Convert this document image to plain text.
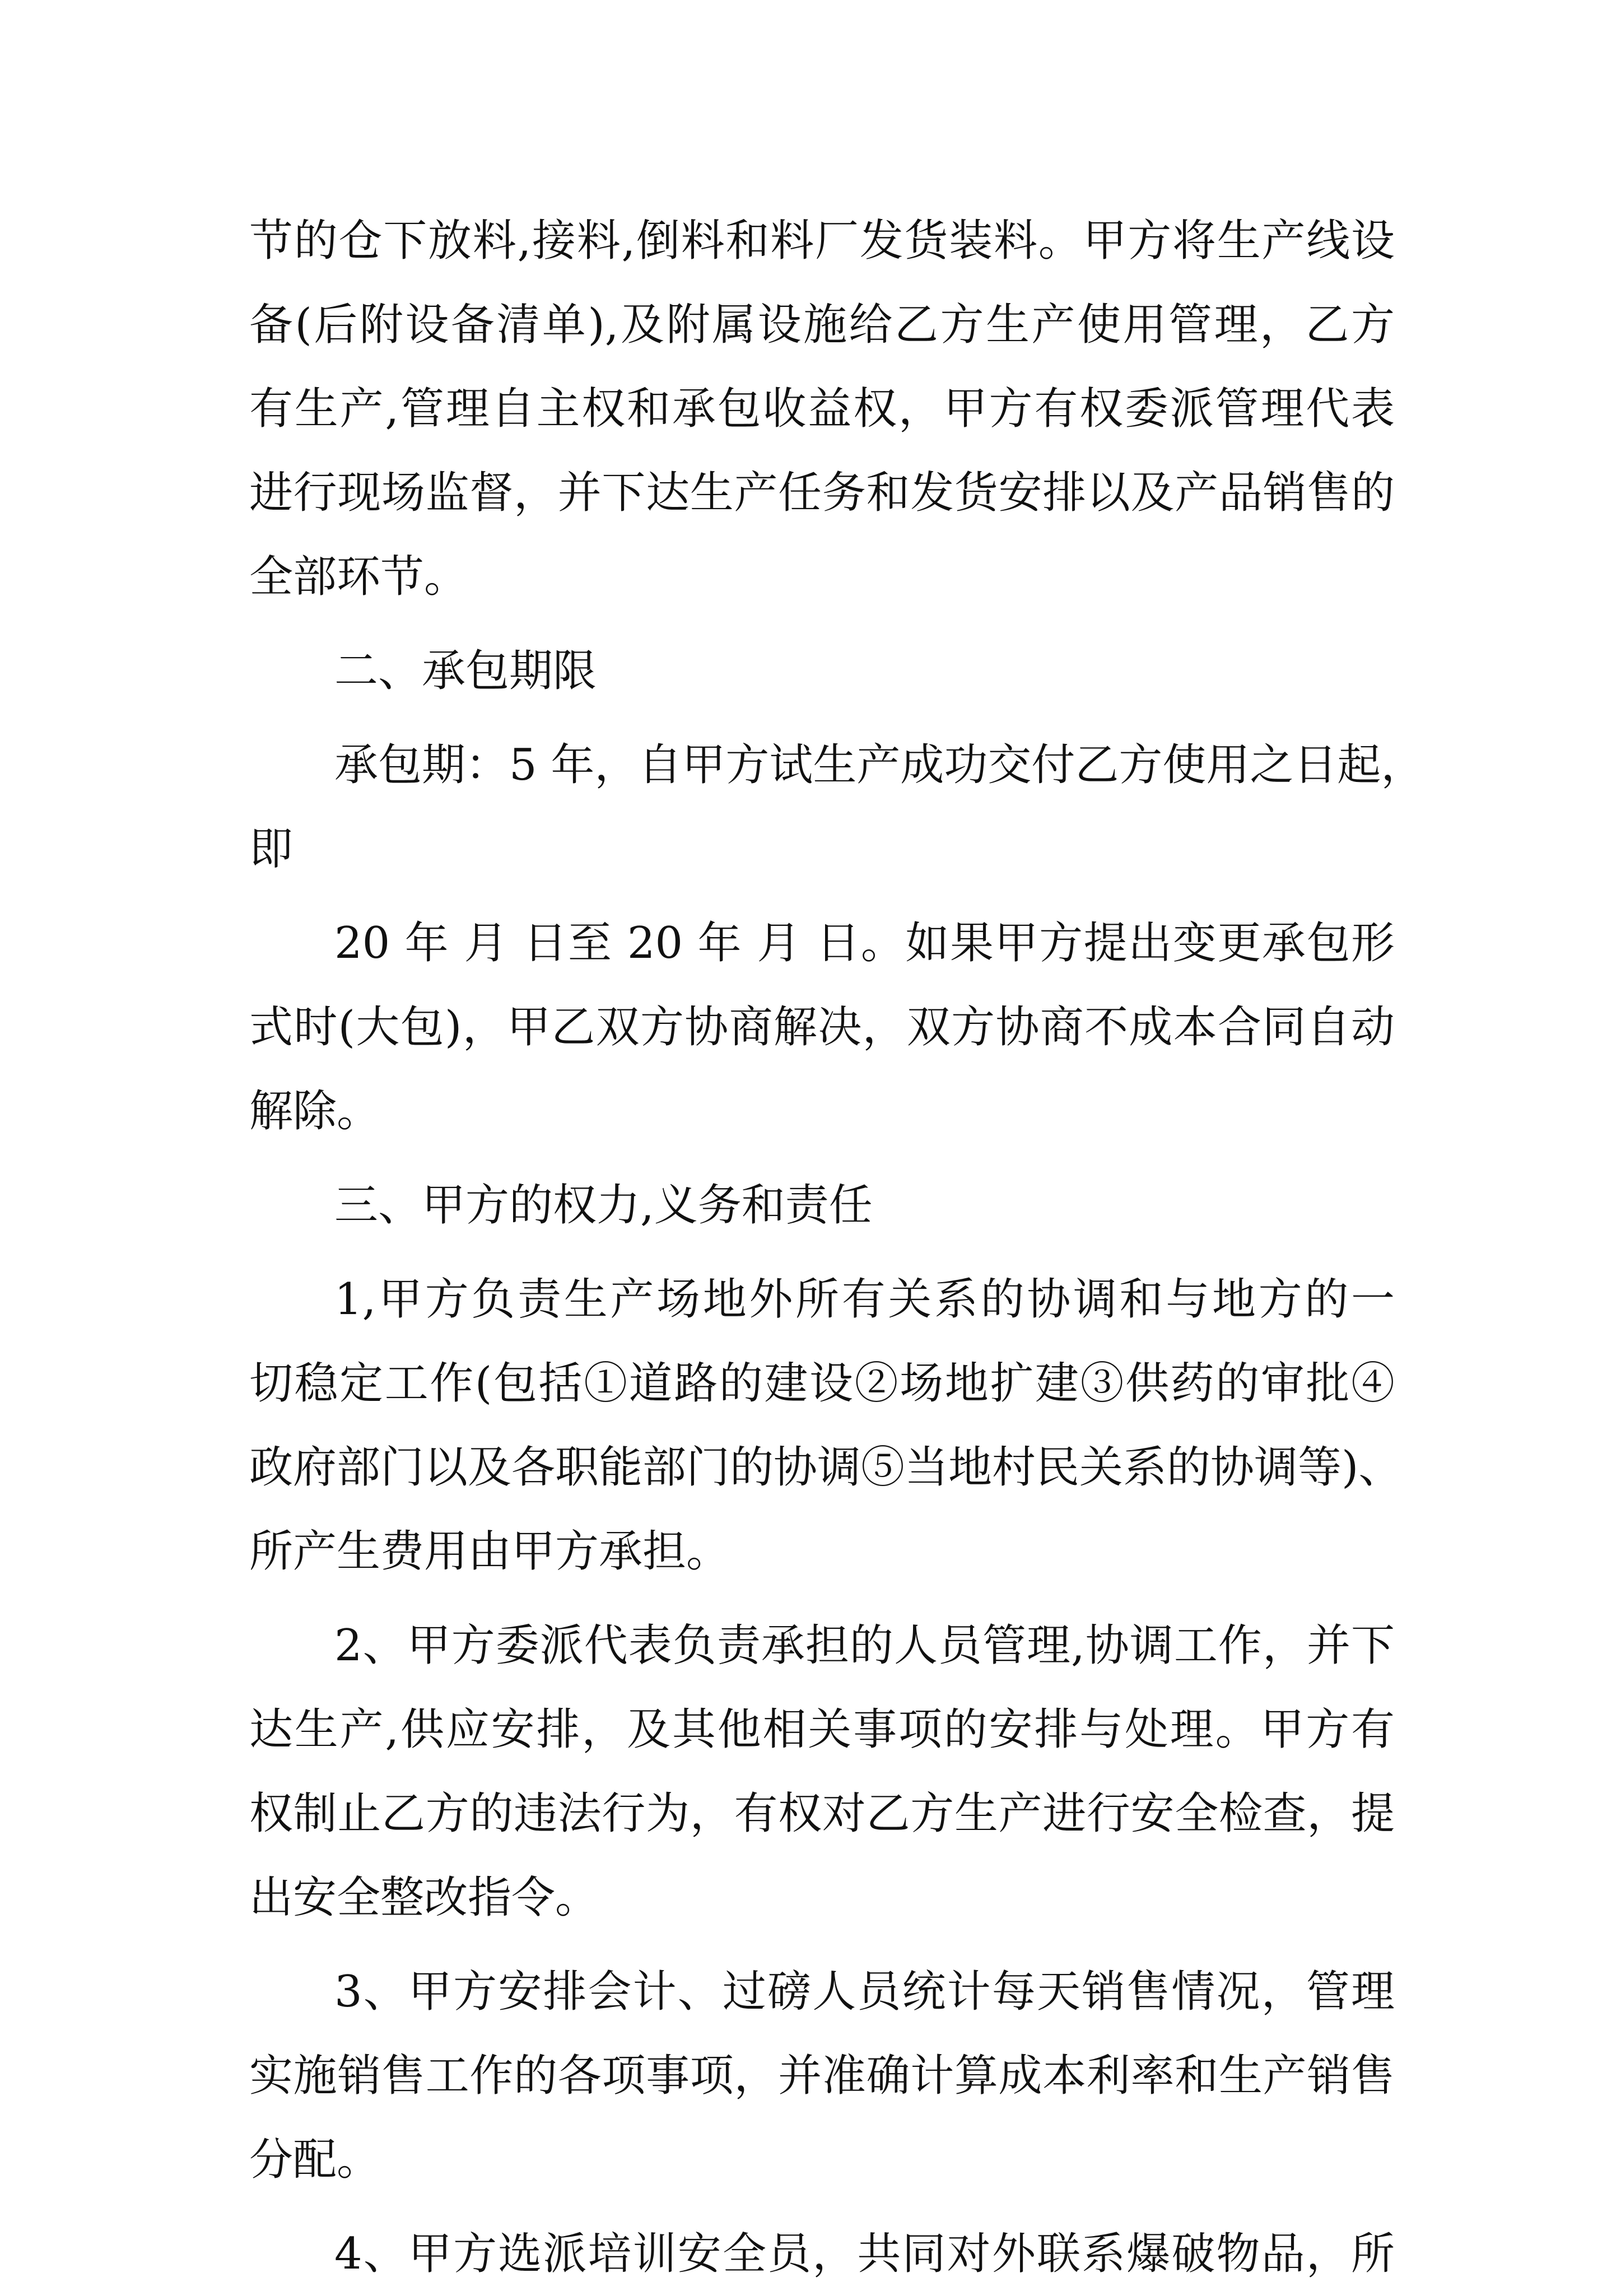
节的仓下放料,接料,倒料和料厂发货装料。甲方将生产线设
备(后附设备清单),及附属设施给乙方生产使用管理，乙方
有生产,管理自主权和承包收益权，甲方有权委派管理代表
进行现场监督，并下达生产任务和发货安排以及产品销售的
全部环节。
二、承包期限
承包期：5 年，自甲方试生产成功交付乙方使用之日起，
即
20 年 月 日至 20 年 月 日。如果甲方提出变更承包形
式时(大包)，甲乙双方协商解决，双方协商不成本合同自动
解除。
三、甲方的权力,义务和责任
1,甲方负责生产场地外所有关系的协调和与地方的一
切稳定工作(包括①道路的建设②场地扩建③供药的审批④
政府部门以及各职能部门的协调⑤当地村民关系的协调等)、
所产生费用由甲方承担。
2、甲方委派代表负责承担的人员管理,协调工作，并下
达生产,供应安排，及其他相关事项的安排与处理。甲方有
权制止乙方的违法行为，有权对乙方生产进行安全检查，提
出安全整改指令。
3、甲方安排会计、过磅人员统计每天销售情况，管理
实施销售工作的各项事项，并准确计算成本利率和生产销售
分配。
4、甲方选派培训安全员，共同对外联系爆破物品，所
